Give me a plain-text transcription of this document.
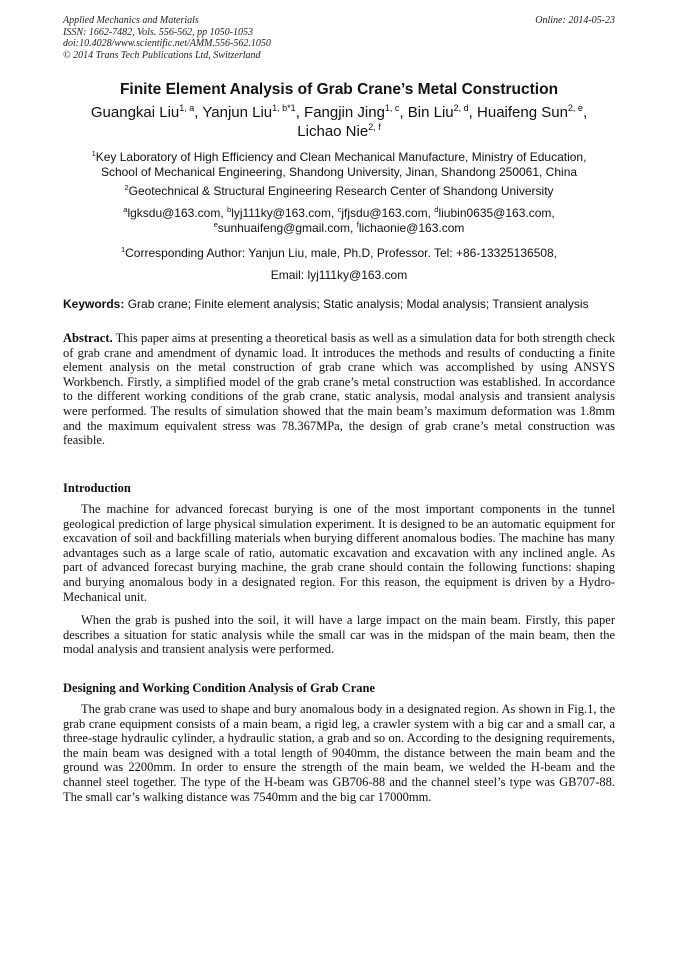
Applied Mechanics and Materials
ISSN: 1662-7482, Vols. 556-562, pp 1050-1053
doi:10.4028/www.scientific.net/AMM.556-562.1050
© 2014 Trans Tech Publications Ltd, Switzerland
Online: 2014-05-23
Finite Element Analysis of Grab Crane’s Metal Construction
Guangkai Liu$^{1, a}$, Yanjun Liu$^{1, b*1}$, Fangjin Jing$^{1, c}$, Bin Liu$^{2, d}$, Huaifeng Sun$^{2, e}$,
Lichao Nie$^{2, f}$
$^1$Key Laboratory of High Efficiency and Clean Mechanical Manufacture, Ministry of Education,
School of Mechanical Engineering, Shandong University, Jinan, Shandong 250061, China
$^2$Geotechnical & Structural Engineering Research Center of Shandong University
$^a$lgksdu@163.com, $^b$lyj111ky@163.com, $^c$jfjsdu@163.com, $^d$liubin0635@163.com,
$^e$sunhuaifeng@gmail.com, $^f$lichaonie@163.com
$^1$Corresponding Author: Yanjun Liu, male, Ph.D, Professor. Tel: +86-13325136508,
Email: lyj111ky@163.com
Keywords: Grab crane; Finite element analysis; Static analysis; Modal analysis; Transient analysis
Abstract. This paper aims at presenting a theoretical basis as well as a simulation data for both strength check of grab crane and amendment of dynamic load. It introduces the methods and results of conducting a finite element analysis on the metal construction of grab crane which was accomplished by using ANSYS Workbench. Firstly, a simplified model of the grab crane’s metal construction was established. In accordance to the different working conditions of the grab crane, static analysis, modal analysis and transient analysis were performed. The results of simulation showed that the main beam’s maximum deformation was 1.8mm and the maximum equivalent stress was 78.367MPa, the design of grab crane’s metal construction was feasible.
Introduction
The machine for advanced forecast burying is one of the most important components in the tunnel geological prediction of large physical simulation experiment. It is designed to be an automatic equipment for excavation of soil and backfilling materials when burying different anomalous bodies. The machine has many advantages such as a large scale of ratio, automatic excavation and excavation with any inclined angle. As part of advanced forecast burying machine, the grab crane should contain the following functions: shaping and burying anomalous body in a designated region. For this reason, the equipment is driven by a Hydro-Mechanical unit.
When the grab is pushed into the soil, it will have a large impact on the main beam. Firstly, this paper describes a situation for static analysis while the small car was in the midspan of the main beam, then the modal analysis and transient analysis were performed.
Designing and Working Condition Analysis of Grab Crane
The grab crane was used to shape and bury anomalous body in a designated region. As shown in Fig.1, the grab crane equipment consists of a main beam, a rigid leg, a crawler system with a big car and a small car, a three-stage hydraulic cylinder, a hydraulic station, a grab and so on. According to the designing requirements, the main beam was designed with a total length of 9040mm, the distance between the main beam and the ground was 2200mm. In order to ensure the strength of the main beam, we welded the H-beam and the channel steel together. The type of the H-beam was GB706-88 and the channel steel’s type was GB707-88. The small car’s walking distance was 7540mm and the big car 17000mm.
